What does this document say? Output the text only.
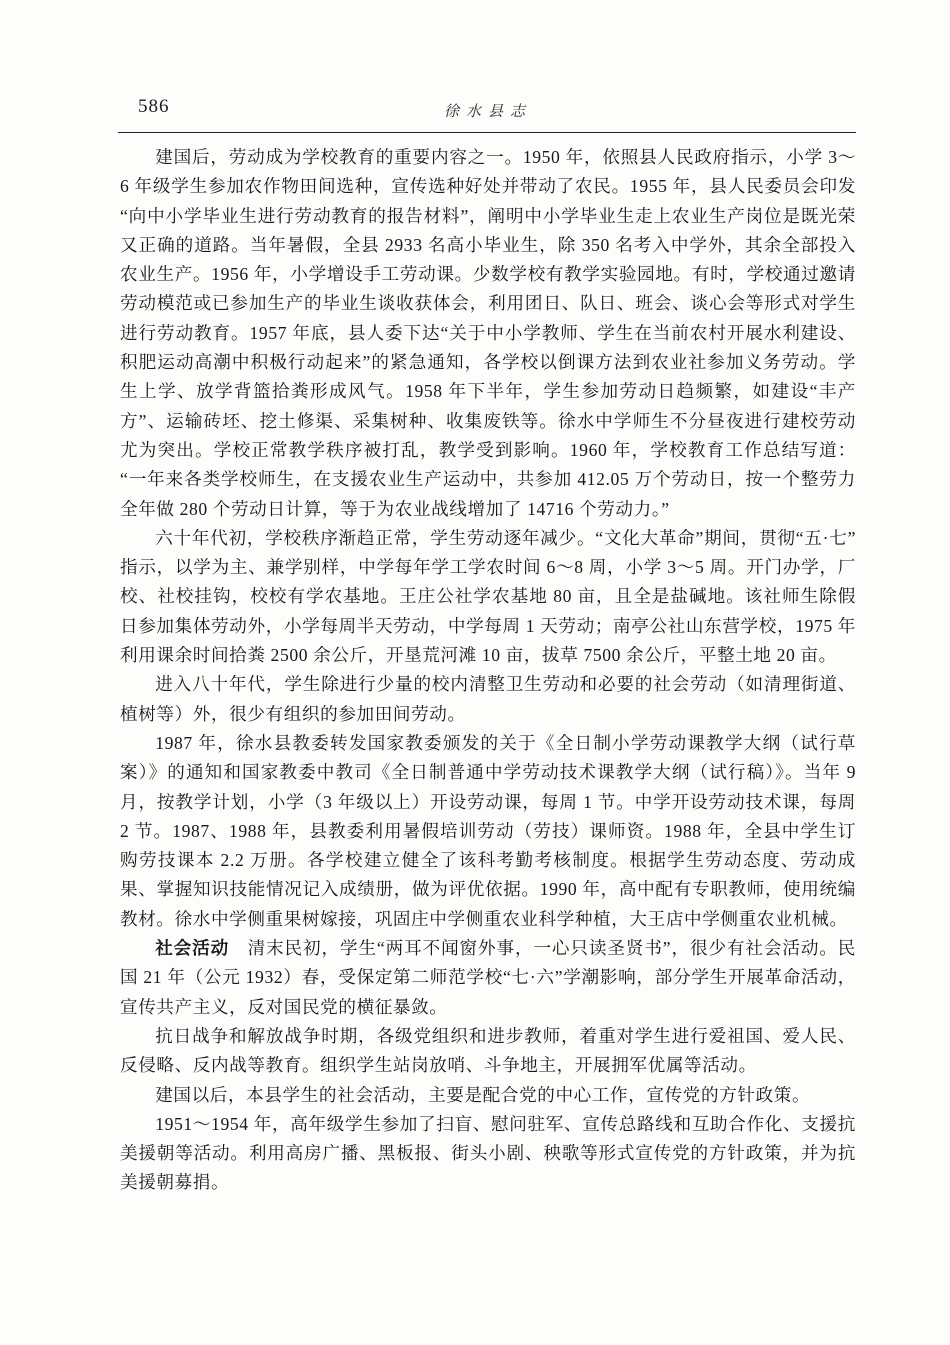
586	徐水县志

建国后，劳动成为学校教育的重要内容之一。1950 年，依照县人民政府指示，小学 3～6 年级学生参加农作物田间选种，宣传选种好处并带动了农民。1955 年，县人民委员会印发“向中小学毕业生进行劳动教育的报告材料”，阐明中小学毕业生走上农业生产岗位是既光荣又正确的道路。当年暑假，全县 2933 名高小毕业生，除 350 名考入中学外，其余全部投入农业生产。1956 年，小学增设手工劳动课。少数学校有教学实验园地。有时，学校通过邀请劳动模范或已参加生产的毕业生谈收获体会，利用团日、队日、班会、谈心会等形式对学生进行劳动教育。1957 年底，县人委下达“关于中小学教师、学生在当前农村开展水利建设、积肥运动高潮中积极行动起来”的紧急通知，各学校以倒课方法到农业社参加义务劳动。学生上学、放学背篮拾粪形成风气。1958 年下半年，学生参加劳动日趋频繁，如建设“丰产方”、运输砖坯、挖土修渠、采集树种、收集废铁等。徐水中学师生不分昼夜进行建校劳动尤为突出。学校正常教学秩序被打乱，教学受到影响。1960 年，学校教育工作总结写道：“一年来各类学校师生，在支援农业生产运动中，共参加 412.05 万个劳动日，按一个整劳力全年做 280 个劳动日计算，等于为农业战线增加了 14716 个劳动力。”

六十年代初，学校秩序渐趋正常，学生劳动逐年减少。“文化大革命”期间，贯彻“五·七”指示，以学为主、兼学别样，中学每年学工学农时间 6～8 周，小学 3～5 周。开门办学，厂校、社校挂钩，校校有学农基地。王庄公社学农基地 80 亩，且全是盐碱地。该社师生除假日参加集体劳动外，小学每周半天劳动，中学每周 1 天劳动；南亭公社山东营学校，1975 年利用课余时间拾粪 2500 余公斤，开垦荒河滩 10 亩，拔草 7500 余公斤，平整土地 20 亩。

进入八十年代，学生除进行少量的校内清整卫生劳动和必要的社会劳动（如清理街道、植树等）外，很少有组织的参加田间劳动。

1987 年，徐水县教委转发国家教委颁发的关于《全日制小学劳动课教学大纲（试行草案）》的通知和国家教委中教司《全日制普通中学劳动技术课教学大纲（试行稿）》。当年 9 月，按教学计划，小学（3 年级以上）开设劳动课，每周 1 节。中学开设劳动技术课，每周 2 节。1987、1988 年，县教委利用暑假培训劳动（劳技）课师资。1988 年，全县中学生订购劳技课本 2.2 万册。各学校建立健全了该科考勤考核制度。根据学生劳动态度、劳动成果、掌握知识技能情况记入成绩册，做为评优依据。1990 年，高中配有专职教师，使用统编教材。徐水中学侧重果树嫁接，巩固庄中学侧重农业科学种植，大王店中学侧重农业机械。

社会活动　清末民初，学生“两耳不闻窗外事，一心只读圣贤书”，很少有社会活动。民国 21 年（公元 1932）春，受保定第二师范学校“七·六”学潮影响，部分学生开展革命活动，宣传共产主义，反对国民党的横征暴敛。

抗日战争和解放战争时期，各级党组织和进步教师，着重对学生进行爱祖国、爱人民、反侵略、反内战等教育。组织学生站岗放哨、斗争地主，开展拥军优属等活动。

建国以后，本县学生的社会活动，主要是配合党的中心工作，宣传党的方针政策。

1951～1954 年，高年级学生参加了扫盲、慰问驻军、宣传总路线和互助合作化、支援抗美援朝等活动。利用高房广播、黑板报、街头小剧、秧歌等形式宣传党的方针政策，并为抗美援朝募捐。
